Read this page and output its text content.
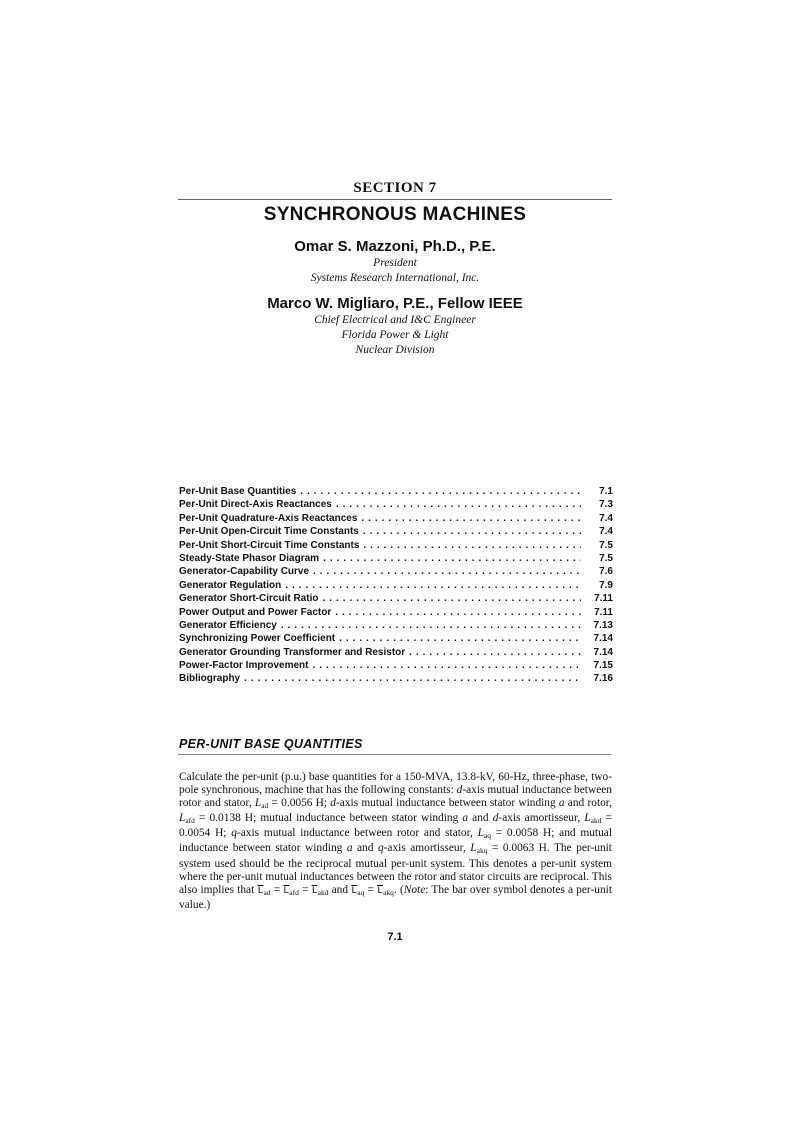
SECTION 7
SYNCHRONOUS MACHINES
Omar S. Mazzoni, Ph.D., P.E.
President
Systems Research International, Inc.
Marco W. Migliaro, P.E., Fellow IEEE
Chief Electrical and I&C Engineer
Florida Power & Light
Nuclear Division
Per-Unit Base Quantities . . .	7.1
Per-Unit Direct-Axis Reactances . . .	7.3
Per-Unit Quadrature-Axis Reactances . . .	7.4
Per-Unit Open-Circuit Time Constants . . .	7.4
Per-Unit Short-Circuit Time Constants . . .	7.5
Steady-State Phasor Diagram . . .	7.5
Generator-Capability Curve . . .	7.6
Generator Regulation . . .	7.9
Generator Short-Circuit Ratio . . .	7.11
Power Output and Power Factor . . .	7.11
Generator Efficiency . . .	7.13
Synchronizing Power Coefficient . . .	7.14
Generator Grounding Transformer and Resistor . . .	7.14
Power-Factor Improvement . . .	7.15
Bibliography . . .	7.16
PER-UNIT BASE QUANTITIES
Calculate the per-unit (p.u.) base quantities for a 150-MVA, 13.8-kV, 60-Hz, three-phase, two-pole synchronous, machine that has the following constants: d-axis mutual inductance between rotor and stator, $L_{ad} = 0.0056$ H; d-axis mutual inductance between stator winding a and rotor, $L_{afd} = 0.0138$ H; mutual inductance between stator winding a and d-axis amortisseur, $L_{akd} = 0.0054$ H; q-axis mutual inductance between rotor and stator, $L_{aq} = 0.0058$ H; and mutual inductance between stator winding a and q-axis amortisseur, $L_{akq} = 0.0063$ H. The per-unit system used should be the reciprocal mutual per-unit system. This denotes a per-unit system where the per-unit mutual inductances between the rotor and stator circuits are reciprocal. This also implies that $\overline{L}_{ad} = \overline{L}_{afd} = \overline{L}_{akd}$ and $\overline{L}_{aq} = \overline{L}_{akq}$. (Note: The bar over symbol denotes a per-unit value.)
7.1
